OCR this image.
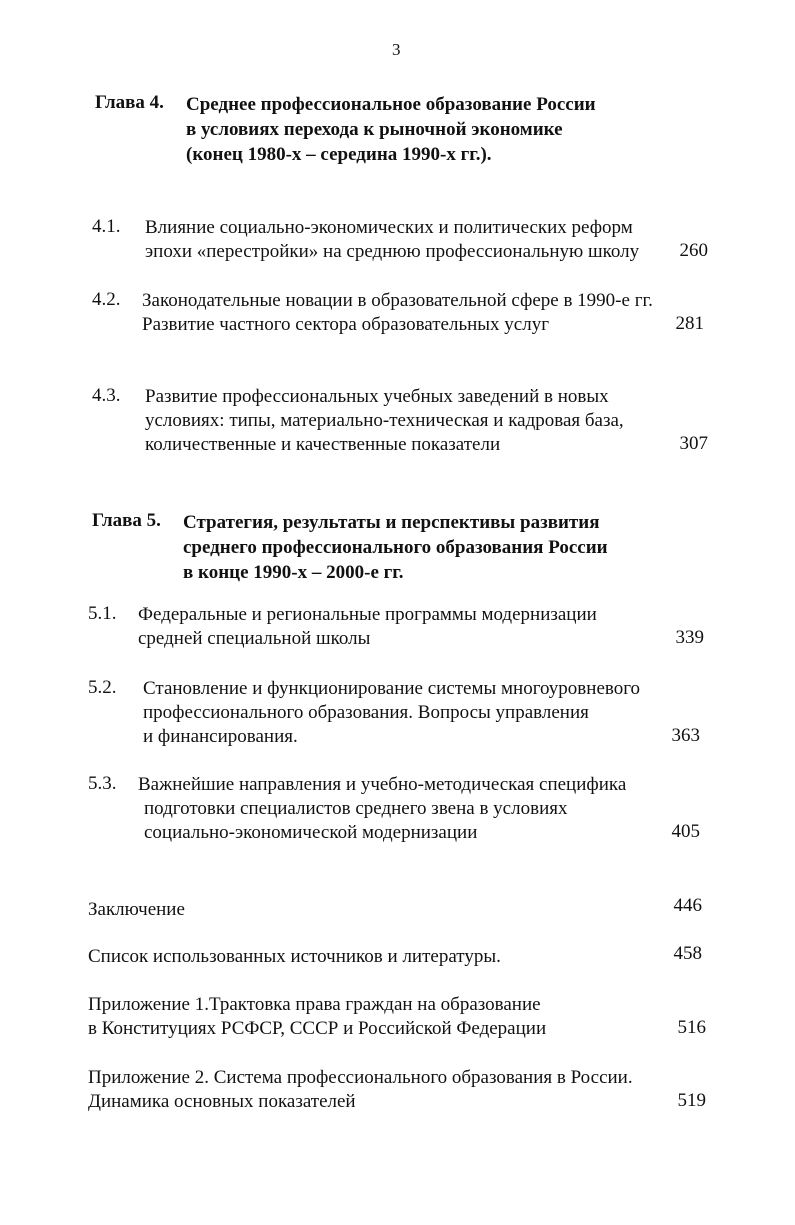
3
Глава 4. Среднее профессиональное образование России
в условиях перехода к рыночной экономике
(конец 1980-х – середина 1990-х гг.).
4.1. Влияние социально-экономических и политических реформ
эпохи «перестройки» на среднюю профессиональную школу	260
4.2. Законодательные новации в образовательной сфере в 1990-е гг.
Развитие частного сектора образовательных услуг	281
4.3. Развитие профессиональных учебных заведений в новых
условиях: типы, материально-техническая и кадровая база,
количественные и качественные показатели	307
Глава 5. Стратегия, результаты и перспективы развития
среднего профессионального образования России
в конце 1990-х – 2000-е гг.
5.1. Федеральные и региональные программы модернизации
средней специальной школы	339
5.2. Становление и функционирование системы многоуровневого
профессионального образования. Вопросы управления
и финансирования.	363
5.3. Важнейшие направления и учебно-методическая специфика
подготовки специалистов среднего звена в условиях
социально-экономической модернизации	405
Заключение	446
Список использованных источников и литературы.	458
Приложение 1.Трактовка права граждан на образование
в Конституциях РСФСР, СССР и Российской Федерации	516
Приложение 2. Система профессионального образования в России.
Динамика основных показателей	519
